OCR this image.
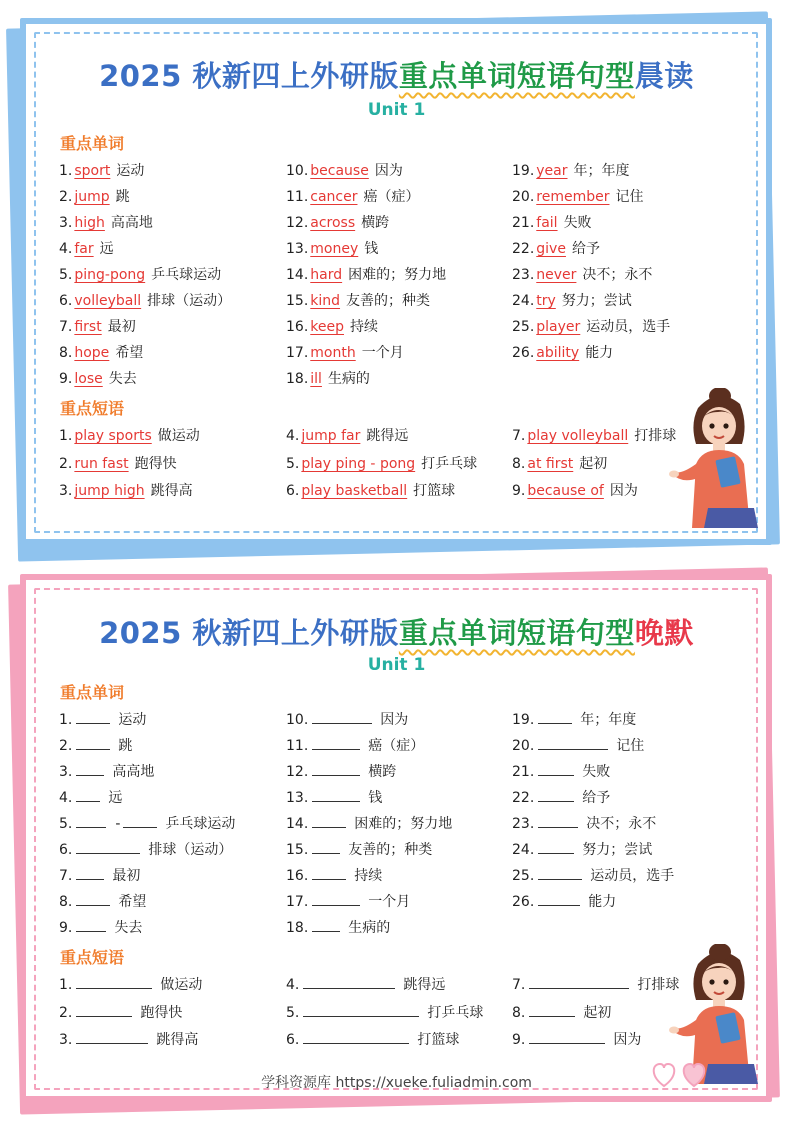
2025 秋新四上外研版重点单词短语句型晨读
Unit 1
重点单词
重点短语
1. sport 运动
2. jump 跳
3. high 高高地
4. far 远
5. ping-pong 乒乓球运动
6. volleyball 排球（运动）
7. first 最初
8. hope 希望
9. lose 失去
10. because 因为
11. cancer 癌（症）
12. across 横跨
13. money 钱
14. hard 困难的；努力地
15. kind 友善的；种类
16. keep 持续
17. month 一个月
18. ill 生病的
19. year 年；年度
20. remember 记住
21. fail 失败
22. give 给予
23. never 决不；永不
24. try 努力；尝试
25. player 运动员，选手
26. ability 能力
1. play sports 做运动
2. run fast 跑得快
3. jump high 跳得高
4. jump far 跳得远
5. play ping - pong 打乒乓球
6. play basketball 打篮球
7. play volleyball 打排球
8. at first 起初
9. because of 因为
2025 秋新四上外研版重点单词短语句型晚默
Unit 1
重点单词
重点短语
1.	运动
2.	跳
3.	高高地
4.	远
5.	-	乒乓球运动
6.	排球（运动）
7.	最初
8.	希望
9.	失去
10.	因为
11.	癌（症）
12.	横跨
13.	钱
14.	困难的；努力地
15.	友善的；种类
16.	持续
17.	一个月
18.	生病的
19.	年；年度
20.	记住
21.	失败
22.	给予
23.	决不；永不
24.	努力；尝试
25.	运动员，选手
26.	能力
1.	做运动
2.	跑得快
3.	跳得高
4.	跳得远
5.	打乒乓球
6.	打篮球
7.	打排球
8.	起初
9.	因为
学科资源库 https://xueke.fuliadmin.com
